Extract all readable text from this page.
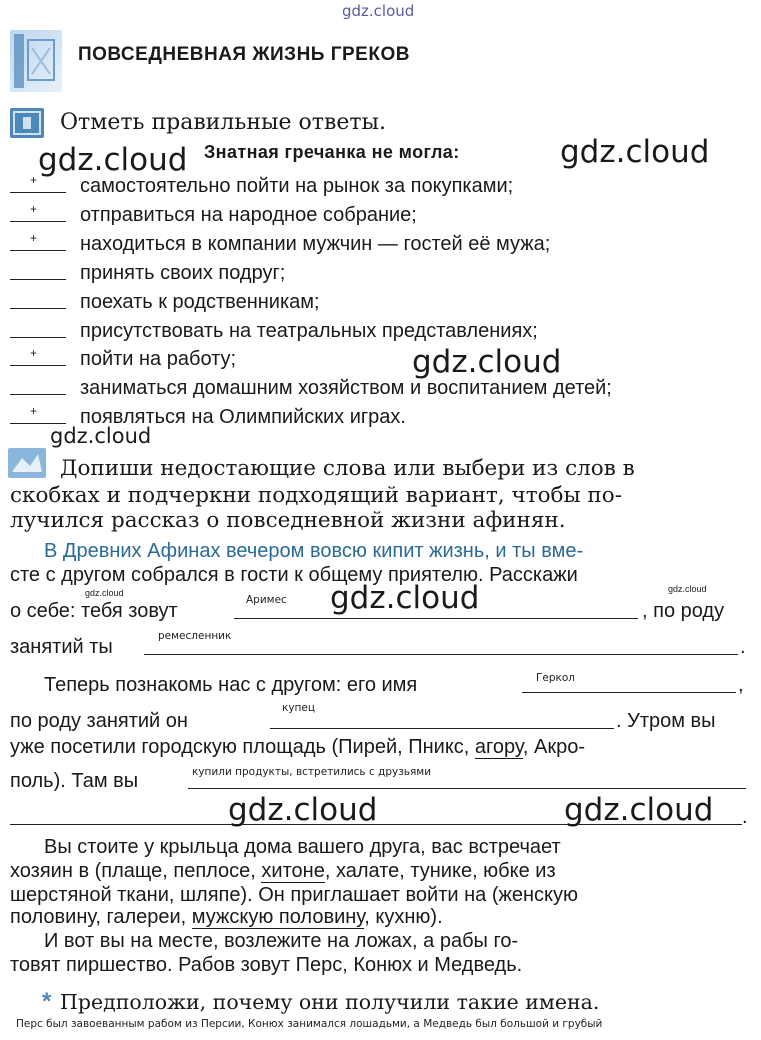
gdz.cloud
ПОВСЕДНЕВНАЯ ЖИЗНЬ ГРЕКОВ
Отметь правильные ответы.
gdz.cloud Знатная гречанка не могла:	gdz.cloud
+ самостоятельно пойти на рынок за покупками;
+ отправиться на народное собрание;
+ находиться в компании мужчин — гостей её мужа;
принять своих подруг;
поехать к родственникам;
присутствовать на театральных представлениях;
+ пойти на работу;
заниматься домашним хозяйством и воспитанием детей;
+ появляться на Олимпийских играх.
gdz.cloud
gdz.cloud
Допиши недостающие слова или выбери из слов в
скобках и подчеркни подходящий вариант, чтобы по-
лучился рассказ о повседневной жизни афинян.
В Древних Афинах вечером вовсю кипит жизнь, и ты вме-
сте с другом собрался в гости к общему приятелю. Расскажи
gdz.cloud	gdz.cloud
о себе: тебя зовут	Аримес gdz.cloud	, по роду
занятий ты	ремесленник	.
Теперь познакомь нас с другом: его имя	Геркол	,
по роду занятий он
купец
. Утром вы
уже посетили городскую площадь (Пирей, Пникс, агору, Акро-
поль). Там вы	купили продукты, встретились с друзьями
.
gdz.cloud	gdz.cloud
Вы стоите у крыльца дома вашего друга, вас встречает
хозяин в (плаще, пеплосе, хитоне, халате, тунике, юбке из
шерстяной ткани, шляпе). Он приглашает войти на (женскую
половину, галереи, мужскую половину, кухню).
И вот вы на месте, возлежите на ложах, а рабы го-
товят пиршество. Рабов зовут Перс, Конюх и Медведь.
* Предположи, почему они получили такие имена.
Перс был завоеванным рабом из Персии, Конюх занимался лошадьми, а Медведь был большой и грубый
